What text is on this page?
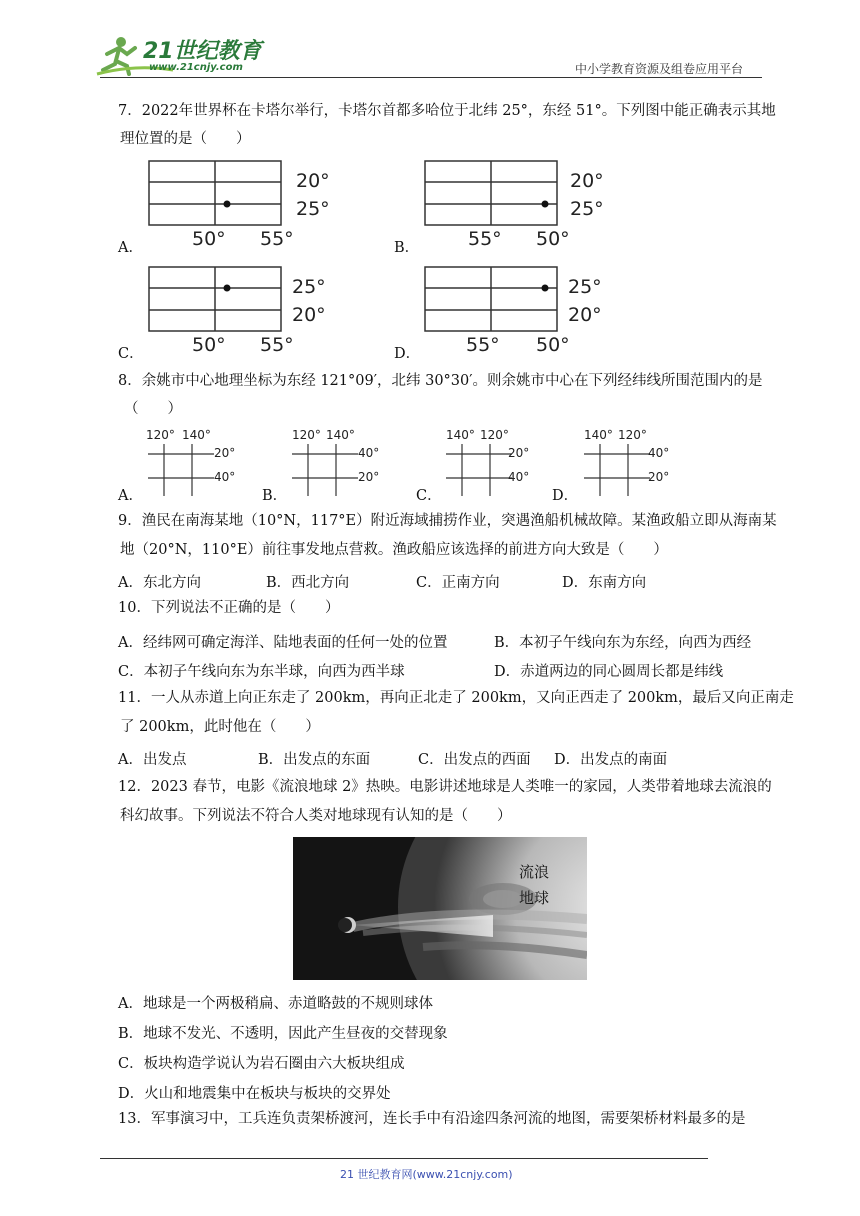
21世纪教育
www.21cnjy.com	中小学教育资源及组卷应用平台
7．2022年世界杯在卡塔尔举行，卡塔尔首都多哈位于北纬 25°，东经 51°。下列图中能正确表示其地
理位置的是（　　）
A．
20°
25°
50° 55°	B．
20°
25°
55° 50°
C．
25°
20°
50° 55°	D．
25°
20°
55° 50°
8．余姚市中心地理坐标为东经 121°09′，北纬 30°30′。则余姚市中心在下列经纬线所围范围内的是
（　　）
A．
120° 140°
20°
40°
B．
120° 140°
40°
20°
C．
140° 120°
20°
40°
D．
140° 120°
40°
20°
9．渔民在南海某地（10°N，117°E）附近海域捕捞作业，突遇渔船机械故障。某渔政船立即从海南某
地（20°N，110°E）前往事发地点营救。渔政船应该选择的前进方向大致是（　　）
A．东北方向	B．西北方向	C．正南方向	D．东南方向
10．下列说法不正确的是（　　）
A．经纬网可确定海洋、陆地表面的任何一处的位置	B．本初子午线向东为东经，向西为西经
C．本初子午线向东为东半球，向西为西半球	D．赤道两边的同心圆周长都是纬线
11．一人从赤道上向正东走了 200km，再向正北走了 200km，又向正西走了 200km，最后又向正南走
了 200km，此时他在（　　）
A．出发点	B．出发点的东面	C．出发点的西面 D．出发点的南面
12．2023 春节，电影《流浪地球 2》热映。电影讲述地球是人类唯一的家园，人类带着地球去流浪的
科幻故事。下列说法不符合人类对地球现有认知的是（　　）
流浪
地球
A．地球是一个两极稍扁、赤道略鼓的不规则球体
B．地球不发光、不透明，因此产生昼夜的交替现象
C．板块构造学说认为岩石圈由六大板块组成
D．火山和地震集中在板块与板块的交界处
13．军事演习中，工兵连负责架桥渡河，连长手中有沿途四条河流的地图，需要架桥材料最多的是
21 世纪教育网(www.21cnjy.com)
